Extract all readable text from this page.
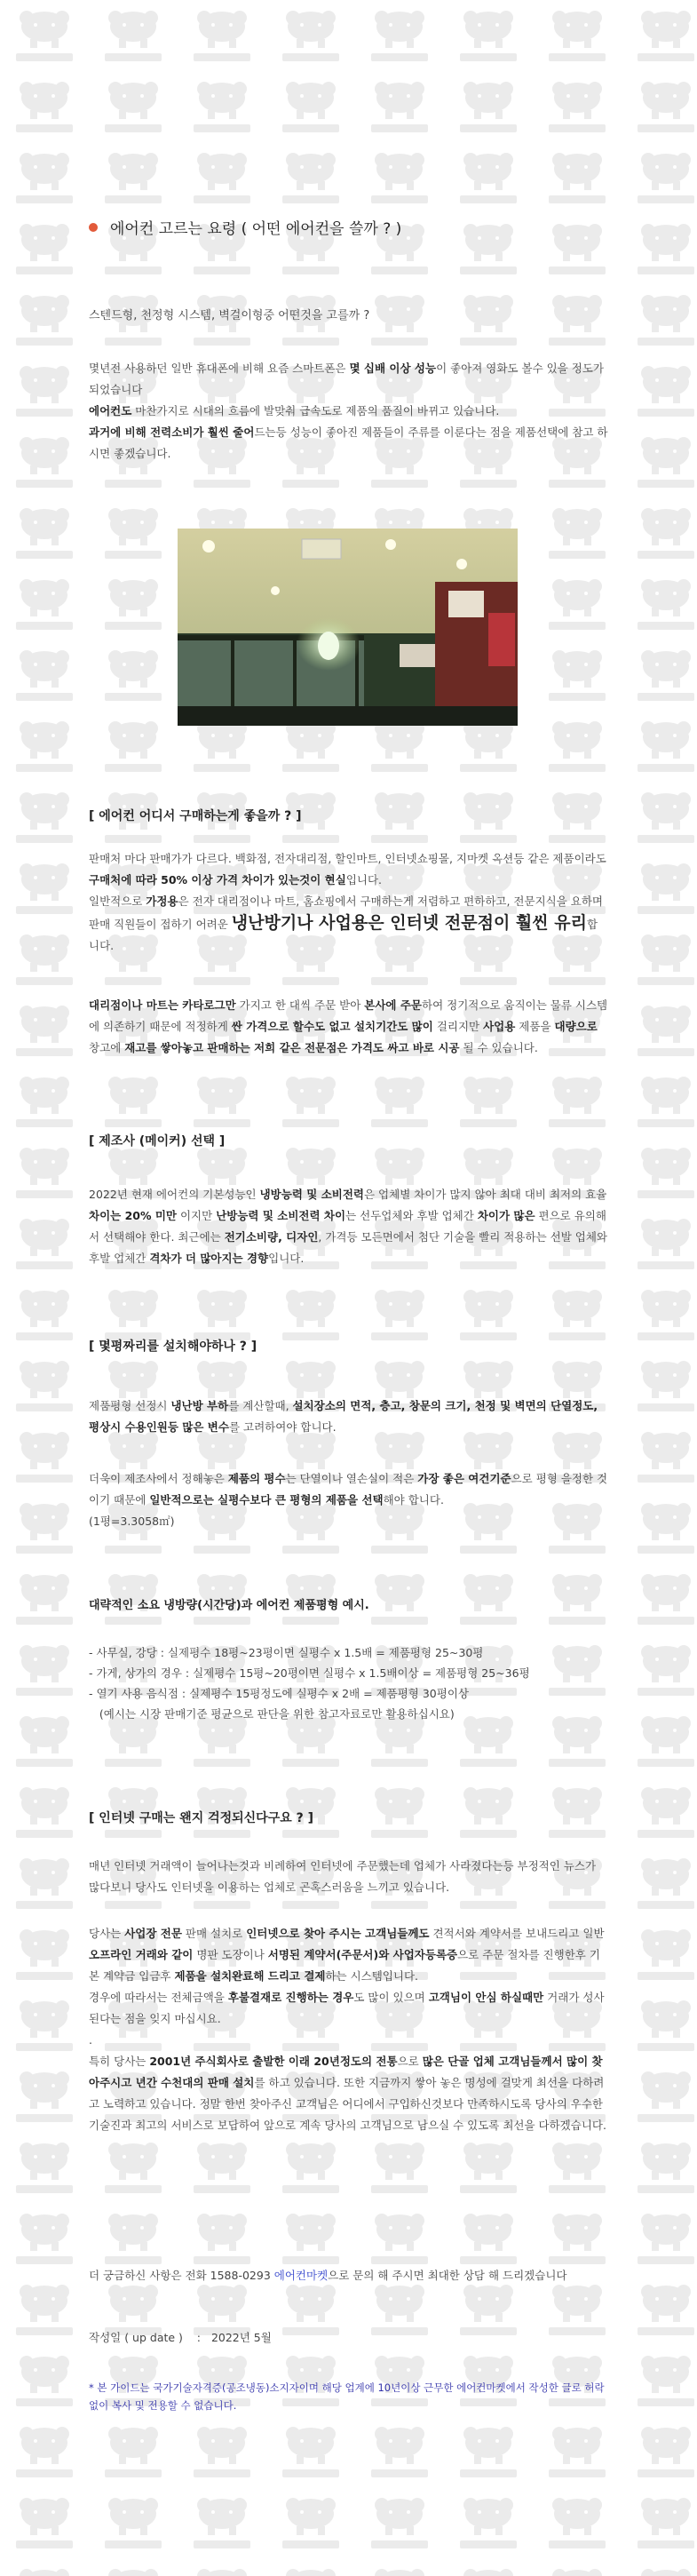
에어컨 고르는 요령 ( 어떤 에어컨을 쓸까 ? )
스텐드형, 천정형 시스템, 벽걸이형중 어떤것을 고를까 ?
몇년전 사용하던 일반 휴대폰에 비해 요즘 스마트폰은 몇 십배 이상 성능이 좋아져 영화도 볼수 있을 정도가 되었습니다
에어컨도 마찬가지로 시대의 흐름에 발맞춰 급속도로 제품의 품질이 바뀌고 있습니다.
과거에 비해 전력소비가 훨씬 줄어드는등 성능이 좋아진 제품들이 주류를 이룬다는 점을 제품선택에 참고 하시면 좋겠습니다.
[ 에어컨 어디서 구매하는게 좋을까 ? ]
판매처 마다 판매가가 다르다. 백화점, 전자대리점, 할인마트, 인터넷쇼핑몰, 지마켓 옥션등 같은 제품이라도 구매처에 따라 50% 이상 가격 차이가 있는것이 현실입니다.
일반적으로 가정용은 전자 대리점이나 마트, 홈쇼핑에서 구매하는게 저렴하고 편하하고, 전문지식을 요하며 판매 직원들이 접하기 어려운 냉난방기나 사업용은 인터넷 전문점이 훨씬 유리합니다.
대리점이나 마트는 카타로그만 가지고 한 대씩 주문 받아 본사에 주문하여 정기적으로 움직이는 물류 시스템에 의존하기 때문에 적정하게 싼 가격으로 할수도 없고 설치기간도 많이 걸리지만 사업용 제품을 대량으로 창고에 재고를 쌓아놓고 판매하는 저희 같은 전문점은 가격도 싸고 바로 시공 될 수 있습니다.
[ 제조사 (메이커) 선택 ]
2022년 현재 에어컨의 기본성능인 냉방능력 및 소비전력은 업체별 차이가 많지 않아 최대 대비 최저의 효율 차이는 20% 미만 이지만 난방능력 및 소비전력 차이는 선두업체와 후발 업체간 차이가 많은 편으로 유의해서 선택해야 한다. 최근에는 전기소비량, 디자인, 가격등 모든면에서 첨단 기술을 빨리 적용하는 선발 업체와 후발 업체간 격차가 더 많아지는 경향입니다.
[ 몇평짜리를 설치해야하나 ? ]
제품평형 선정시 냉난방 부하를 계산할때, 설치장소의 면적, 층고, 창문의 크기, 천정 및 벽면의 단열정도, 평상시 수용인원등 많은 변수를 고려하여야 합니다.
더욱이 제조사에서 정해놓은 제품의 평수는 단열이나 열손실이 적은 가장 좋은 여건기준으로 평형 을정한 것이기 때문에 일반적으로는 실평수보다 큰 평형의 제품을 선택해야 합니다.
(1평=3.3058㎡)
대략적인 소요 냉방량(시간당)과 에어컨 제품평형 예시.
- 사무실, 강당 : 실제평수 18평~23평이면 실평수 x 1.5배 = 제품평형 25~30평
- 가게, 상가의 경우 : 실제평수 15평~20평이면 실평수 x 1.5배이상 = 제품평형 25~36평
- 열기 사용 음식점 : 실제평수 15평정도에 실평수 x 2배 = 제품평형 30평이상
(예시는 시장 판매기준 평균으로 판단을 위한 참고자료로만 활용하십시요)
[ 인터넷 구매는 왠지 걱정되신다구요 ? ]
매년 인터넷 거래액이 늘어나는것과 비례하여 인터넷에 주문했는데 업체가 사라졌다는등 부정적인 뉴스가 많다보니 당사도 인터넷을 이용하는 업체로 곤혹스러움을 느끼고 있습니다.
당사는 사업장 전문 판매 설치로 인터넷으로 찾아 주시는 고객님들께도 견적서와 계약서를 보내드리고 일반 오프라인 거래와 같이 명판 도장이나 서명된 계약서(주문서)와 사업자등록증으로 주문 절차를 진행한후 기본 계약금 입금후 제품을 설치완료해 드리고 결제하는 시스템입니다.
경우에 따라서는 전체금액을 후불결재로 진행하는 경우도 많이 있으며 고객님이 안심 하실때만 거래가 성사된다는 점을 잊지 마십시요.
.
특히 당사는 2001년 주식회사로 출발한 이래 20년정도의 전통으로 많은 단골 업체 고객님들께서 많이 찾아주시고 년간 수천대의 판매 설치를 하고 있습니다. 또한 지금까지 쌓아 놓은 명성에 걸맞게 최선을 다하려고 노력하고 있습니다. 정말 한번 찾아주신 고객님은 어디에서 구입하신것보다 만족하시도록 당사의 우수한 기술진과 최고의 서비스로 보답하여 앞으로 계속 당사의 고객님으로 남으실 수 있도록 최선을 다하겠습니다.
더 궁금하신 사항은 전화 1588-0293 에어컨마켓으로 문의 해 주시면 최대한 상담 해 드리겠습니다
작성일 ( up date )    :   2022년 5월
* 본 가이드는 국가기술자격증(공조냉동)소지자이며 해당 업계에 10년이상 근무한 에어컨마켓에서 작성한 글로 허락없이 복사 및 전용할 수 없습니다.
